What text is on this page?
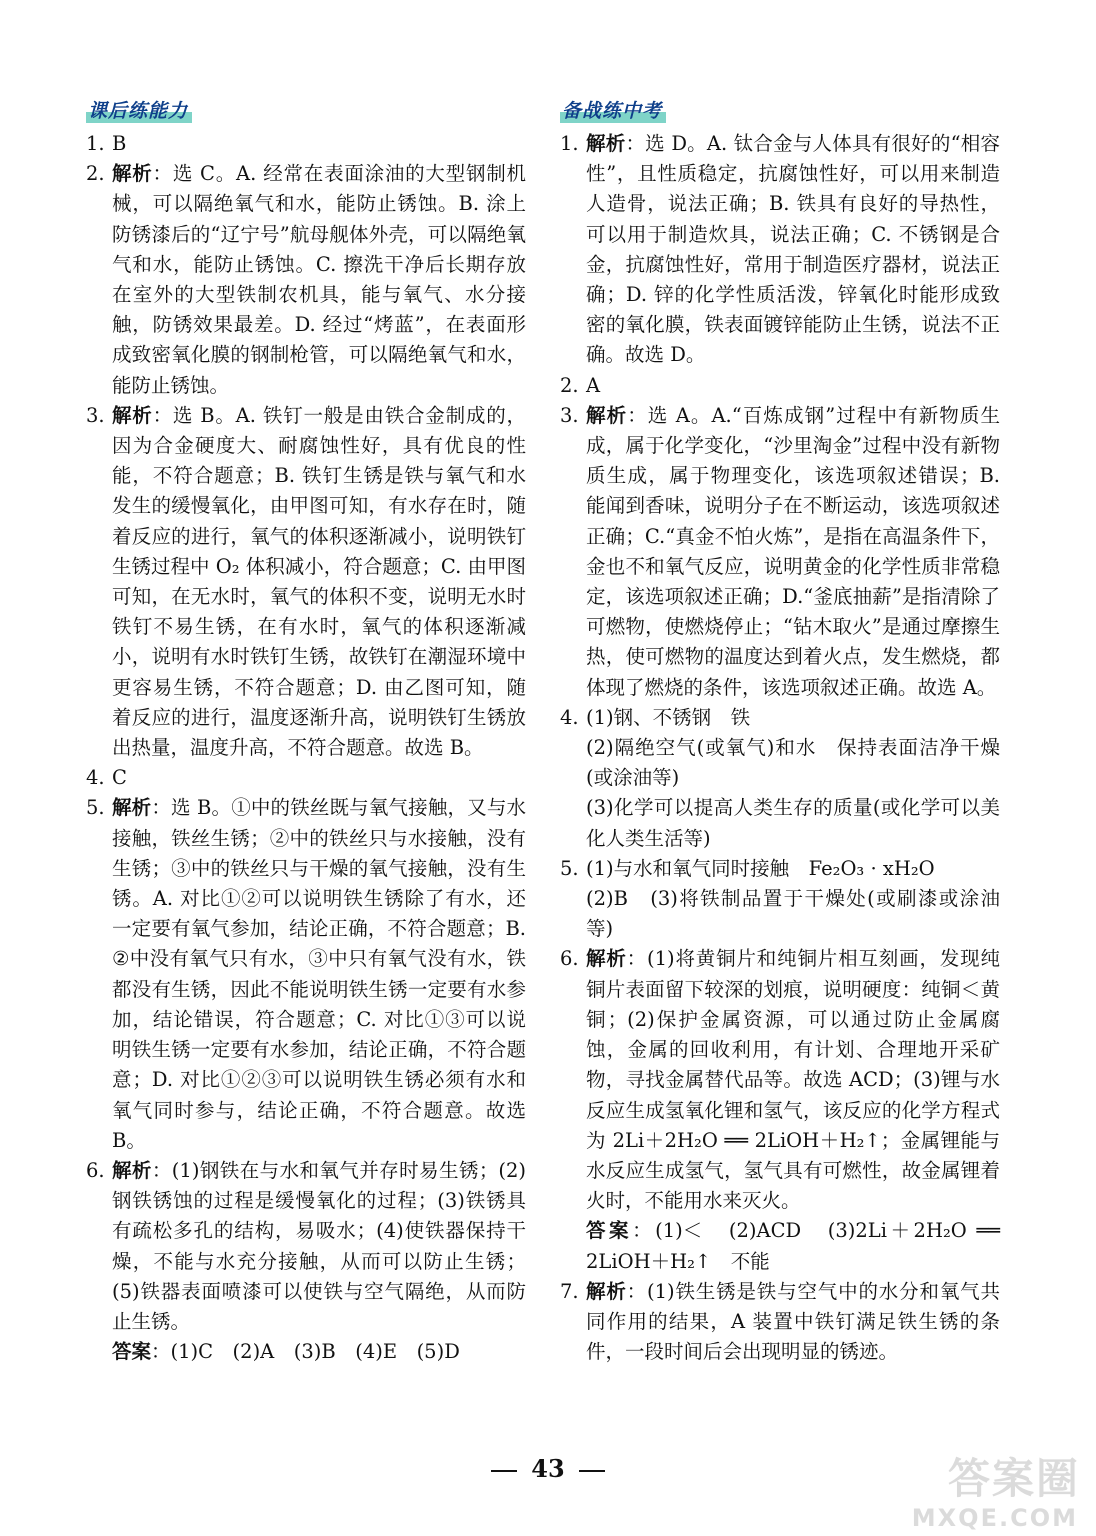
课后练能力
1. B
2. 解析：选 C。A. 经常在表面涂油的大型钢制机械，可以隔绝氧气和水，能防止锈蚀。B. 涂上防锈漆后的“辽宁号”航母舰体外壳，可以隔绝氧气和水，能防止锈蚀。C. 擦洗干净后长期存放在室外的大型铁制农机具，能与氧气、水分接触，防锈效果最差。D. 经过“烤蓝”，在表面形成致密氧化膜的钢制枪管，可以隔绝氧气和水，能防止锈蚀。
3. 解析：选 B。A. 铁钉一般是由铁合金制成的，因为合金硬度大、耐腐蚀性好，具有优良的性能，不符合题意；B. 铁钉生锈是铁与氧气和水发生的缓慢氧化，由甲图可知，有水存在时，随着反应的进行，氧气的体积逐渐减小，说明铁钉生锈过程中 O₂ 体积减小，符合题意；C. 由甲图可知，在无水时，氧气的体积不变，说明无水时铁钉不易生锈，在有水时，氧气的体积逐渐减小，说明有水时铁钉生锈，故铁钉在潮湿环境中更容易生锈，不符合题意；D. 由乙图可知，随着反应的进行，温度逐渐升高，说明铁钉生锈放出热量，温度升高，不符合题意。故选 B。
4. C
5. 解析：选 B。①中的铁丝既与氧气接触，又与水接触，铁丝生锈；②中的铁丝只与水接触，没有生锈；③中的铁丝只与干燥的氧气接触，没有生锈。A. 对比①②可以说明铁生锈除了有水，还一定要有氧气参加，结论正确，不符合题意；B. ②中没有氧气只有水，③中只有氧气没有水，铁都没有生锈，因此不能说明铁生锈一定要有水参加，结论错误，符合题意；C. 对比①③可以说明铁生锈一定要有水参加，结论正确，不符合题意；D. 对比①②③可以说明铁生锈必须有水和氧气同时参与，结论正确，不符合题意。故选 B。
6. 解析：(1)钢铁在与水和氧气并存时易生锈；(2)钢铁锈蚀的过程是缓慢氧化的过程；(3)铁锈具有疏松多孔的结构，易吸水；(4)使铁器保持干燥，不能与水充分接触，从而可以防止生锈；(5)铁器表面喷漆可以使铁与空气隔绝，从而防止生锈。
答案：(1)C　(2)A　(3)B　(4)E　(5)D
备战练中考
1. 解析：选 D。A. 钛合金与人体具有很好的“相容性”，且性质稳定，抗腐蚀性好，可以用来制造人造骨，说法正确；B. 铁具有良好的导热性，可以用于制造炊具，说法正确；C. 不锈钢是合金，抗腐蚀性好，常用于制造医疗器材，说法正确；D. 锌的化学性质活泼，锌氧化时能形成致密的氧化膜，铁表面镀锌能防止生锈，说法不正确。故选 D。
2. A
3. 解析：选 A。A.“百炼成钢”过程中有新物质生成，属于化学变化，“沙里淘金”过程中没有新物质生成，属于物理变化，该选项叙述错误；B. 能闻到香味，说明分子在不断运动，该选项叙述正确；C.“真金不怕火炼”，是指在高温条件下，金也不和氧气反应，说明黄金的化学性质非常稳定，该选项叙述正确；D.“釜底抽薪”是指清除了可燃物，使燃烧停止；“钻木取火”是通过摩擦生热，使可燃物的温度达到着火点，发生燃烧，都体现了燃烧的条件，该选项叙述正确。故选 A。
4. (1)钢、不锈钢　铁
(2)隔绝空气(或氧气)和水　保持表面洁净干燥(或涂油等)
(3)化学可以提高人类生存的质量(或化学可以美化人类生活等)
5. (1)与水和氧气同时接触　Fe₂O₃ · xH₂O
(2)B　(3)将铁制品置于干燥处(或刷漆或涂油等)
6. 解析：(1)将黄铜片和纯铜片相互刻画，发现纯铜片表面留下较深的划痕，说明硬度：纯铜＜黄铜；(2)保护金属资源，可以通过防止金属腐蚀，金属的回收利用，有计划、合理地开采矿物，寻找金属替代品等。故选 ACD；(3)锂与水反应生成氢氧化锂和氢气，该反应的化学方程式为 2Li＋2H₂O ══ 2LiOH＋H₂↑；金属锂能与水反应生成氢气，氢气具有可燃性，故金属锂着火时，不能用水来灭火。
答案：(1)＜　(2)ACD　(3)2Li＋2H₂O ══ 2LiOH＋H₂↑　不能
7. 解析：(1)铁生锈是铁与空气中的水分和氧气共同作用的结果，A 装置中铁钉满足铁生锈的条件，一段时间后会出现明显的锈迹。
43	答案圈
MXQE.COM
